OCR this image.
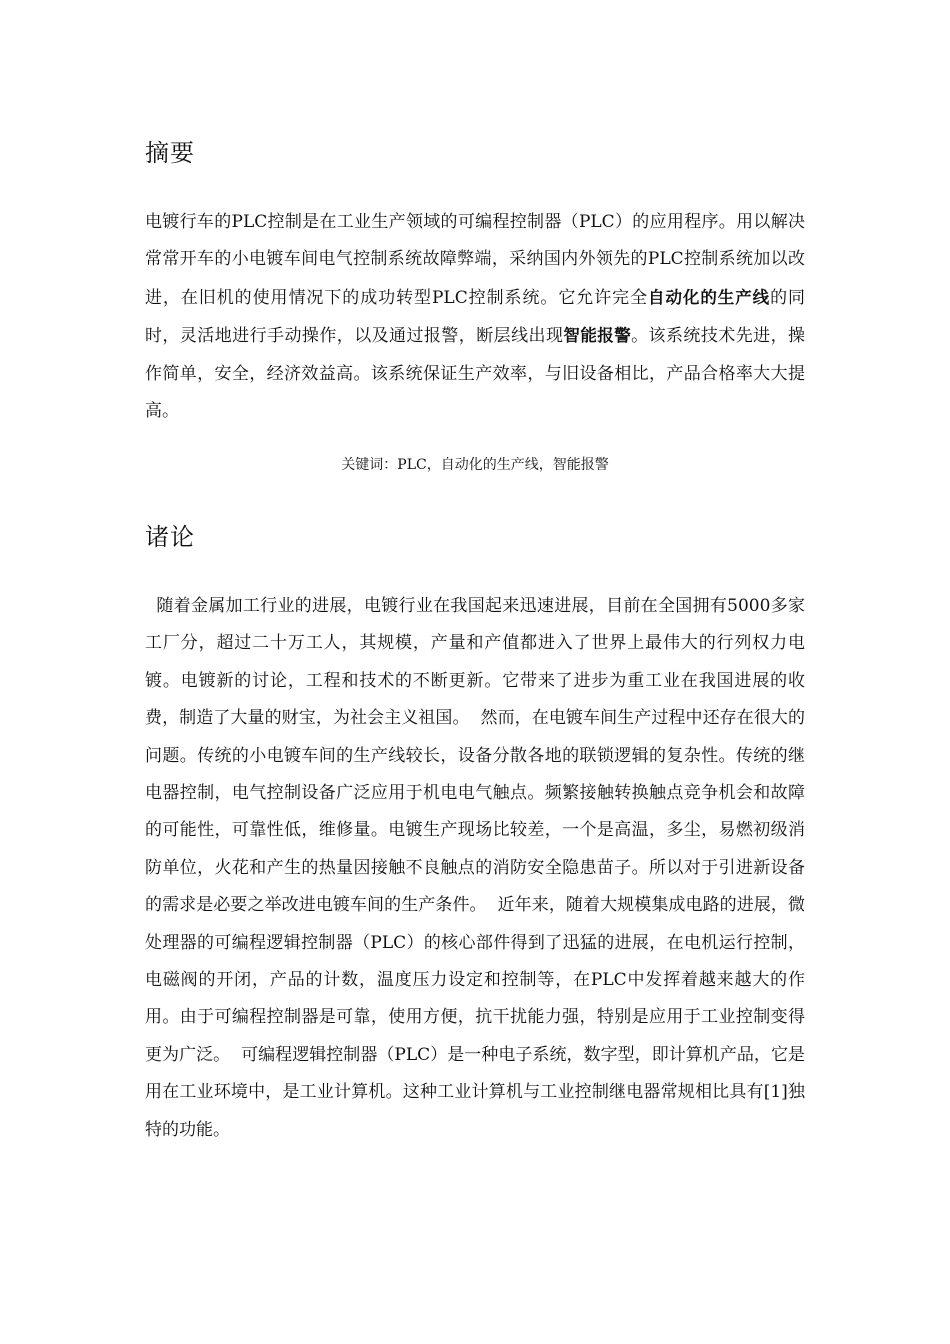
摘要

电镀行车的PLC控制是在工业生产领域的可编程控制器（PLC）的应用程序。用以解决常常开车的小电镀车间电气控制系统故障弊端，采纳国内外领先的PLC控制系统加以改进，在旧机的使用情况下的成功转型PLC控制系统。它允许完全自动化的生产线的同时，灵活地进行手动操作，以及通过报警，断层线出现智能报警。该系统技术先进，操作简单，安全，经济效益高。该系统保证生产效率，与旧设备相比，产品合格率大大提高。

关键词：PLC，自动化的生产线，智能报警

诸论

随着金属加工行业的进展，电镀行业在我国起来迅速进展，目前在全国拥有5000多家工厂分，超过二十万工人，其规模，产量和产值都进入了世界上最伟大的行列权力电镀。电镀新的讨论，工程和技术的不断更新。它带来了进步为重工业在我国进展的收费，制造了大量的财宝，为社会主义祖国。  然而，在电镀车间生产过程中还存在很大的问题。传统的小电镀车间的生产线较长，设备分散各地的联锁逻辑的复杂性。传统的继电器控制，电气控制设备广泛应用于机电电气触点。频繁接触转换触点竞争机会和故障的可能性，可靠性低，维修量。电镀生产现场比较差，一个是高温，多尘，易燃初级消防单位，火花和产生的热量因接触不良触点的消防安全隐患苗子。所以对于引进新设备的需求是必要之举改进电镀车间的生产条件。  近年来，随着大规模集成电路的进展，微处理器的可编程逻辑控制器（PLC）的核心部件得到了迅猛的进展，在电机运行控制，电磁阀的开闭，产品的计数，温度压力设定和控制等，在PLC中发挥着越来越大的作用。由于可编程控制器是可靠，使用方便，抗干扰能力强，特别是应用于工业控制变得更为广泛。  可编程逻辑控制器（PLC）是一种电子系统，数字型，即计算机产品，它是用在工业环境中，是工业计算机。这种工业计算机与工业控制继电器常规相比具有[1]独特的功能。
